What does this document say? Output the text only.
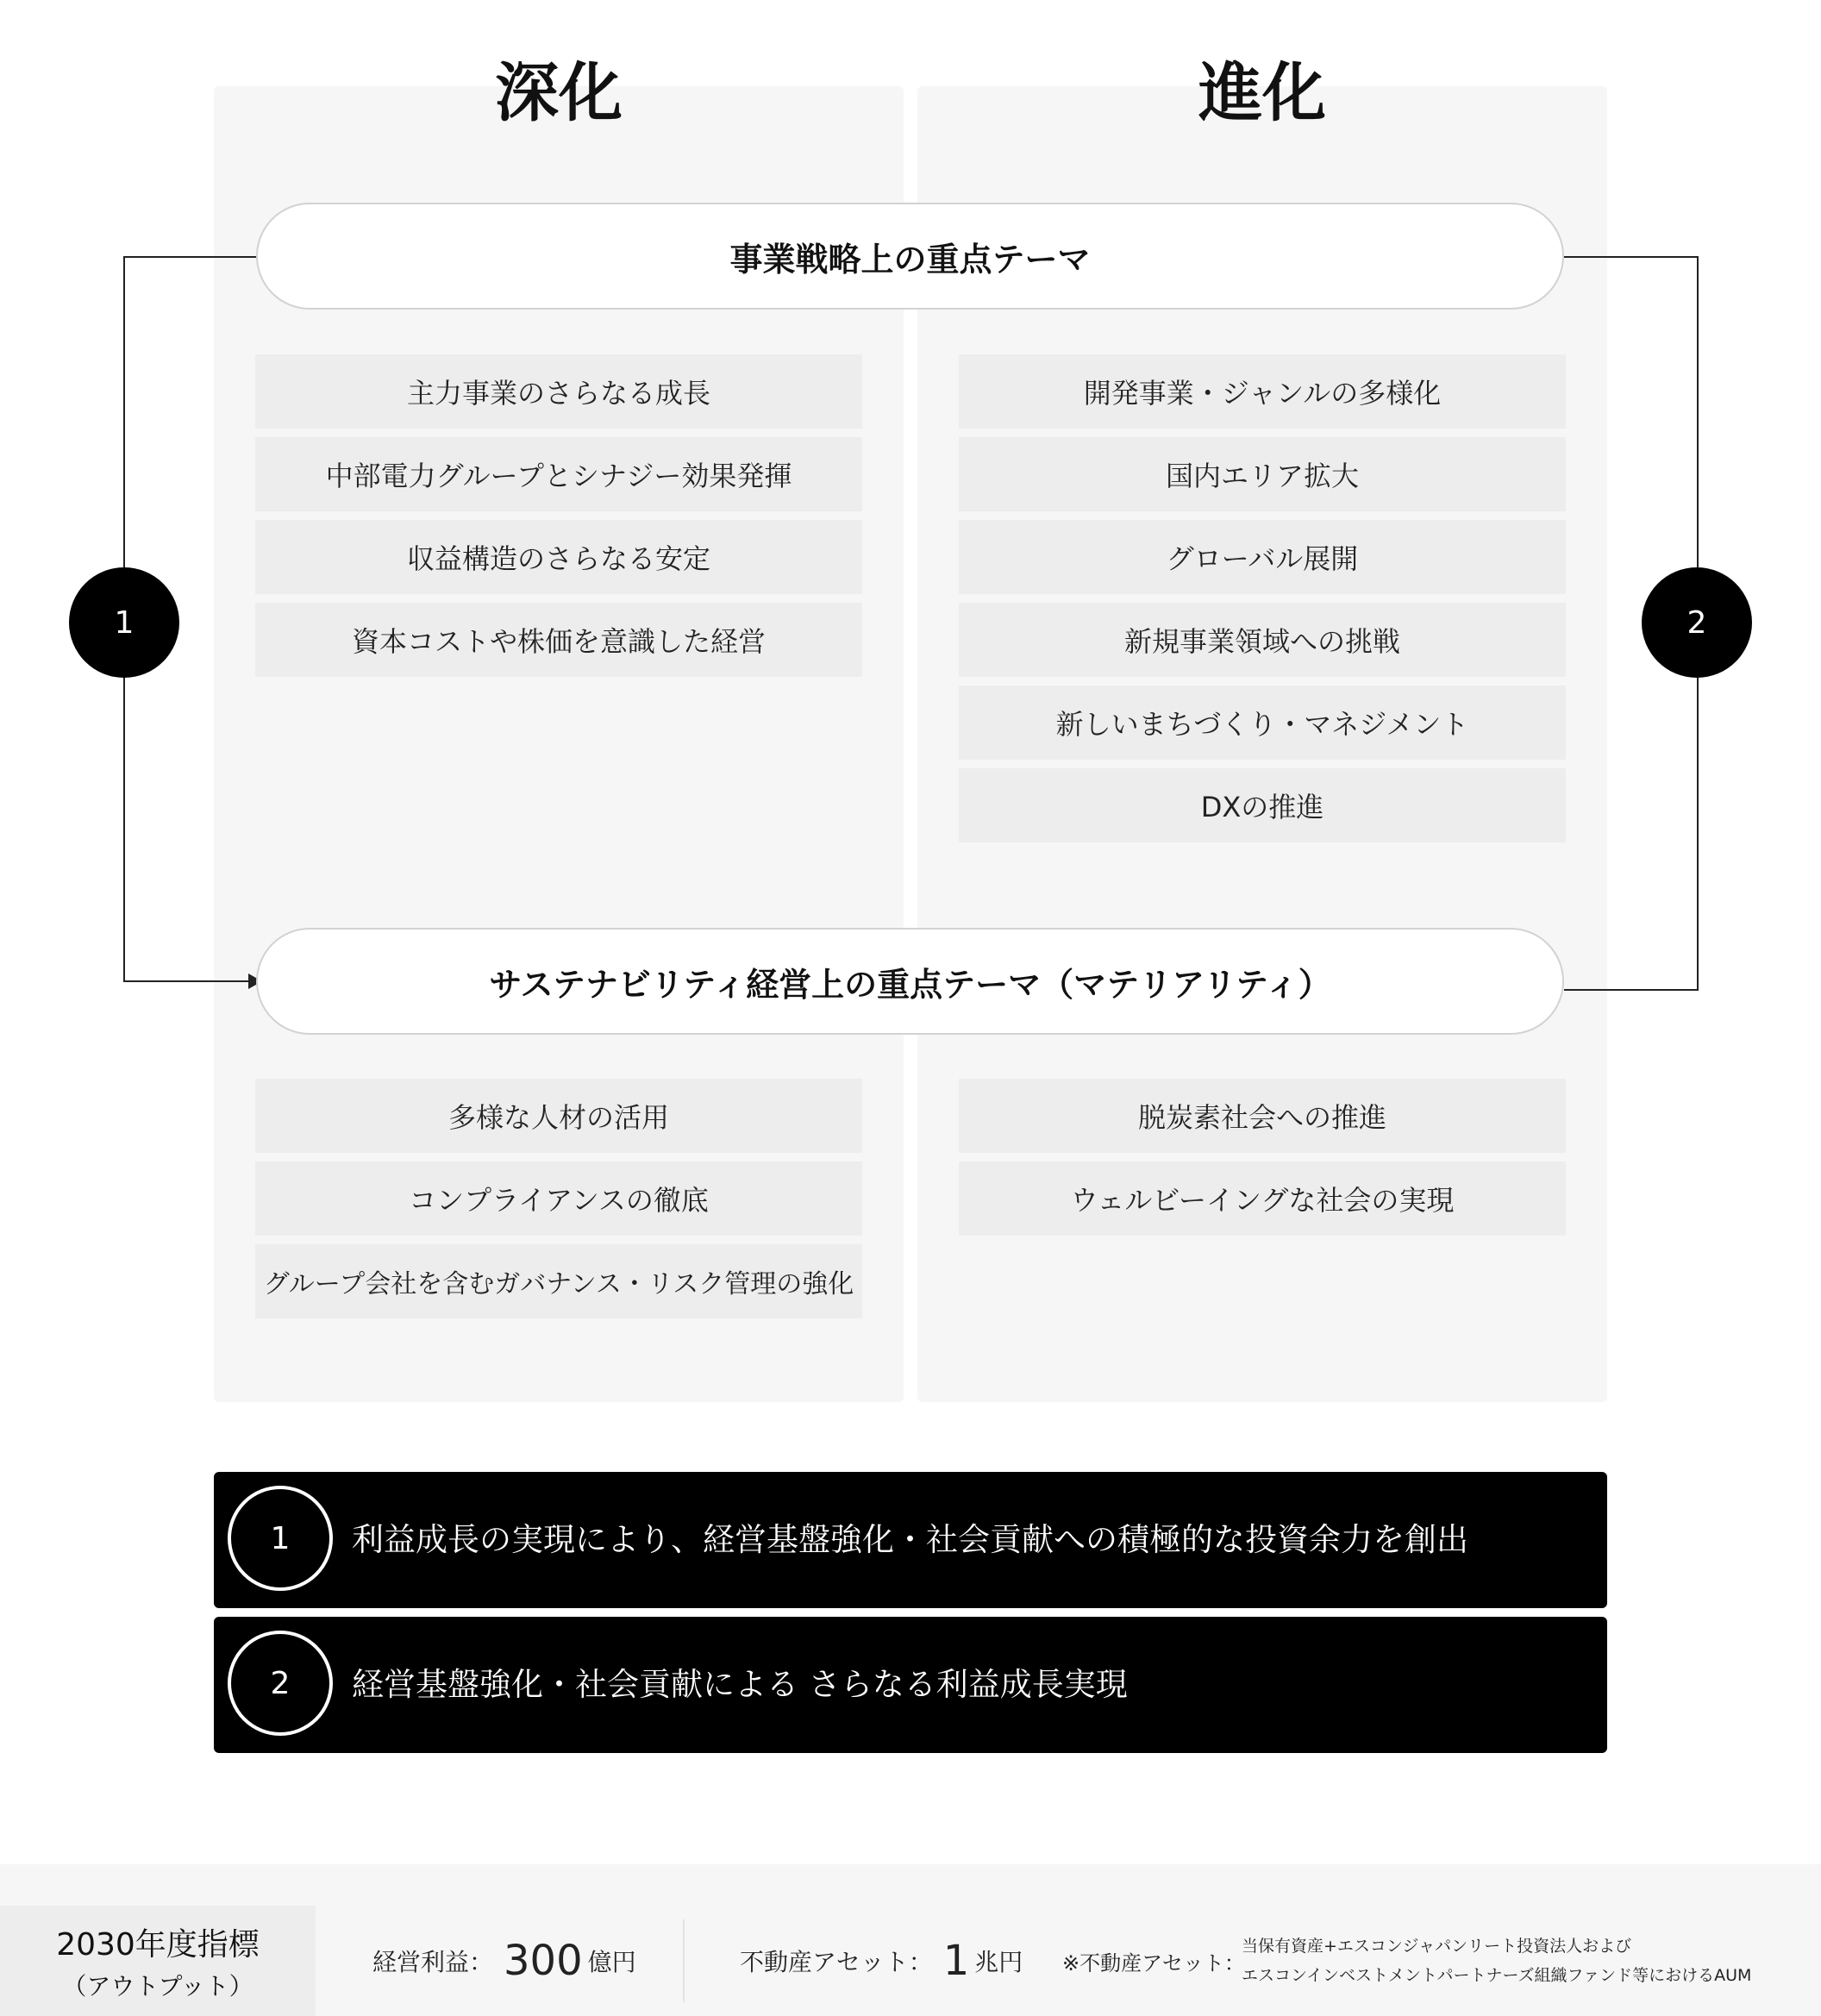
深化	進化
1	2
事業戦略上の重点テーマ
主力事業のさらなる成長
中部電力グループとシナジー効果発揮
収益構造のさらなる安定
資本コストや株価を意識した経営
開発事業・ジャンルの多様化
国内エリア拡大
グローバル展開
新規事業領域への挑戦
新しいまちづくり・マネジメント
DXの推進
サステナビリティ経営上の重点テーマ（マテリアリティ）
多様な人材の活用
コンプライアンスの徹底
グループ会社を含むガバナンス・リスク管理の強化
脱炭素社会への推進
ウェルビーイングな社会の実現
1	利益成長の実現により、経営基盤強化・社会貢献への積極的な投資余力を創出
2	経営基盤強化・社会貢献による さらなる利益成長実現
2030年度指標
（アウトプット）
経営利益： 300 億円	不動産アセット： 1 兆円 ※不動産アセット：
当保有資産+エスコンジャパンリート投資法人および
エスコンインベストメントパートナーズ組織ファンド等におけるAUM
